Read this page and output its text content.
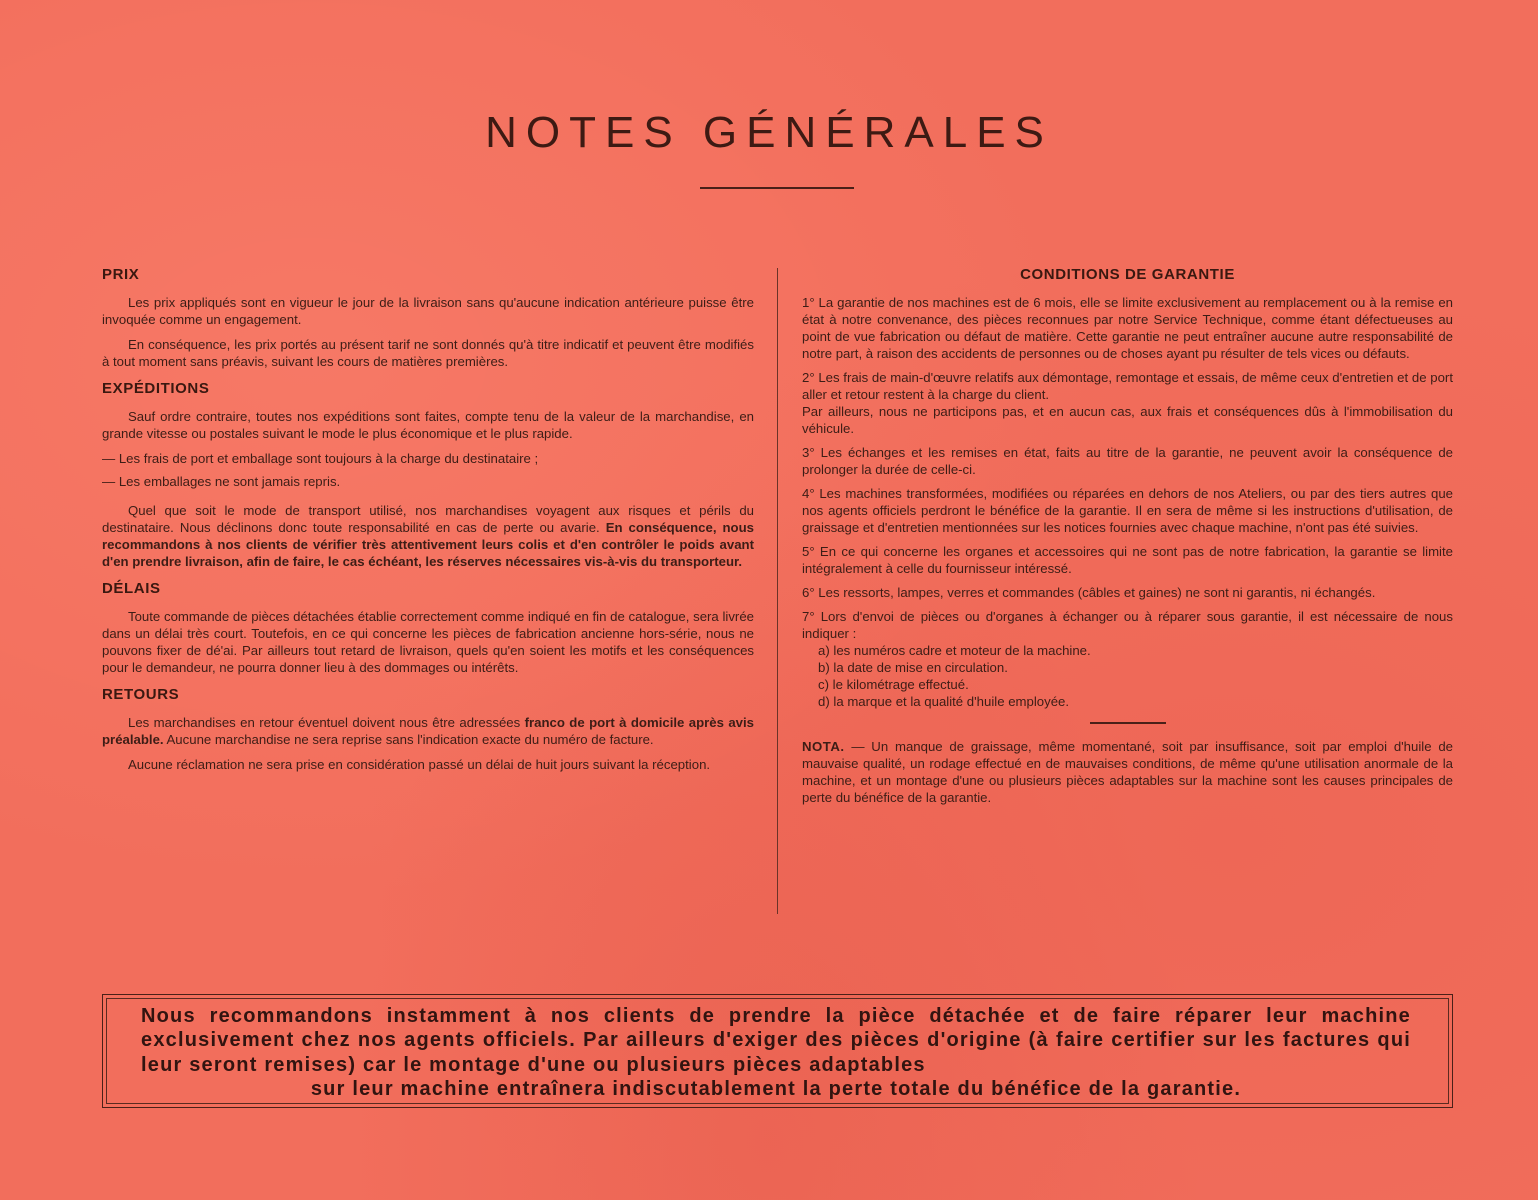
NOTES GÉNÉRALES
PRIX

Les prix appliqués sont en vigueur le jour de la livraison sans qu'aucune indication antérieure puisse être invoquée comme un engagement.

En conséquence, les prix portés au présent tarif ne sont donnés qu'à titre indicatif et peuvent être modifiés à tout moment sans préavis, suivant les cours de matières premières.

EXPÉDITIONS

Sauf ordre contraire, toutes nos expéditions sont faites, compte tenu de la valeur de la marchandise, en grande vitesse ou postales suivant le mode le plus économique et le plus rapide.

— Les frais de port et emballage sont toujours à la charge du destinataire ;

— Les emballages ne sont jamais repris.

Quel que soit le mode de transport utilisé, nos marchandises voyagent aux risques et périls du destinataire. Nous déclinons donc toute responsabilité en cas de perte ou avarie. En conséquence, nous recommandons à nos clients de vérifier très attentivement leurs colis et d'en contrôler le poids avant d'en prendre livraison, afin de faire, le cas échéant, les réserves nécessaires vis-à-vis du transporteur.

DÉLAIS

Toute commande de pièces détachées établie correctement comme indiqué en fin de catalogue, sera livrée dans un délai très court. Toutefois, en ce qui concerne les pièces de fabrication ancienne hors-série, nous ne pouvons fixer de dé'ai. Par ailleurs tout retard de livraison, quels qu'en soient les motifs et les conséquences pour le demandeur, ne pourra donner lieu à des dommages ou intérêts.

RETOURS

Les marchandises en retour éventuel doivent nous être adressées franco de port à domicile après avis préalable. Aucune marchandise ne sera reprise sans l'indication exacte du numéro de facture.

Aucune réclamation ne sera prise en considération passé un délai de huit jours suivant la réception.

CONDITIONS DE GARANTIE

1° La garantie de nos machines est de 6 mois, elle se limite exclusivement au remplacement ou à la remise en état à notre convenance, des pièces reconnues par notre Service Technique, comme étant défectueuses au point de vue fabrication ou défaut de matière. Cette garantie ne peut entraîner aucune autre responsabilité de notre part, à raison des accidents de personnes ou de choses ayant pu résulter de tels vices ou défauts.

2° Les frais de main-d'œuvre relatifs aux démontage, remontage et essais, de même ceux d'entretien et de port aller et retour restent à la charge du client.

Par ailleurs, nous ne participons pas, et en aucun cas, aux frais et conséquences dûs à l'immobilisation du véhicule.

3° Les échanges et les remises en état, faits au titre de la garantie, ne peuvent avoir la conséquence de prolonger la durée de celle-ci.

4° Les machines transformées, modifiées ou réparées en dehors de nos Ateliers, ou par des tiers autres que nos agents officiels perdront le bénéfice de la garantie. Il en sera de même si les instructions d'utilisation, de graissage et d'entretien mentionnées sur les notices fournies avec chaque machine, n'ont pas été suivies.

5° En ce qui concerne les organes et accessoires qui ne sont pas de notre fabrication, la garantie se limite intégralement à celle du fournisseur intéressé.

6° Les ressorts, lampes, verres et commandes (câbles et gaines) ne sont ni garantis, ni échangés.

7° Lors d'envoi de pièces ou d'organes à échanger ou à réparer sous garantie, il est nécessaire de nous indiquer :

a) les numéros cadre et moteur de la machine.
b) la date de mise en circulation.
c) le kilométrage effectué.
d) la marque et la qualité d'huile employée.

NOTA. — Un manque de graissage, même momentané, soit par insuffisance, soit par emploi d'huile de mauvaise qualité, un rodage effectué en de mauvaises conditions, de même qu'une utilisation anormale de la machine, et un montage d'une ou plusieurs pièces adaptables sur la machine sont les causes principales de perte du bénéfice de la garantie.

Nous recommandons instamment à nos clients de prendre la pièce détachée et de faire réparer leur machine exclusivement chez nos agents officiels. Par ailleurs d'exiger des pièces d'origine (à faire certifier sur les factures qui leur seront remises) car le montage d'une ou plusieurs pièces adaptables
sur leur machine entraînera indiscutablement la perte totale du bénéfice de la garantie.
